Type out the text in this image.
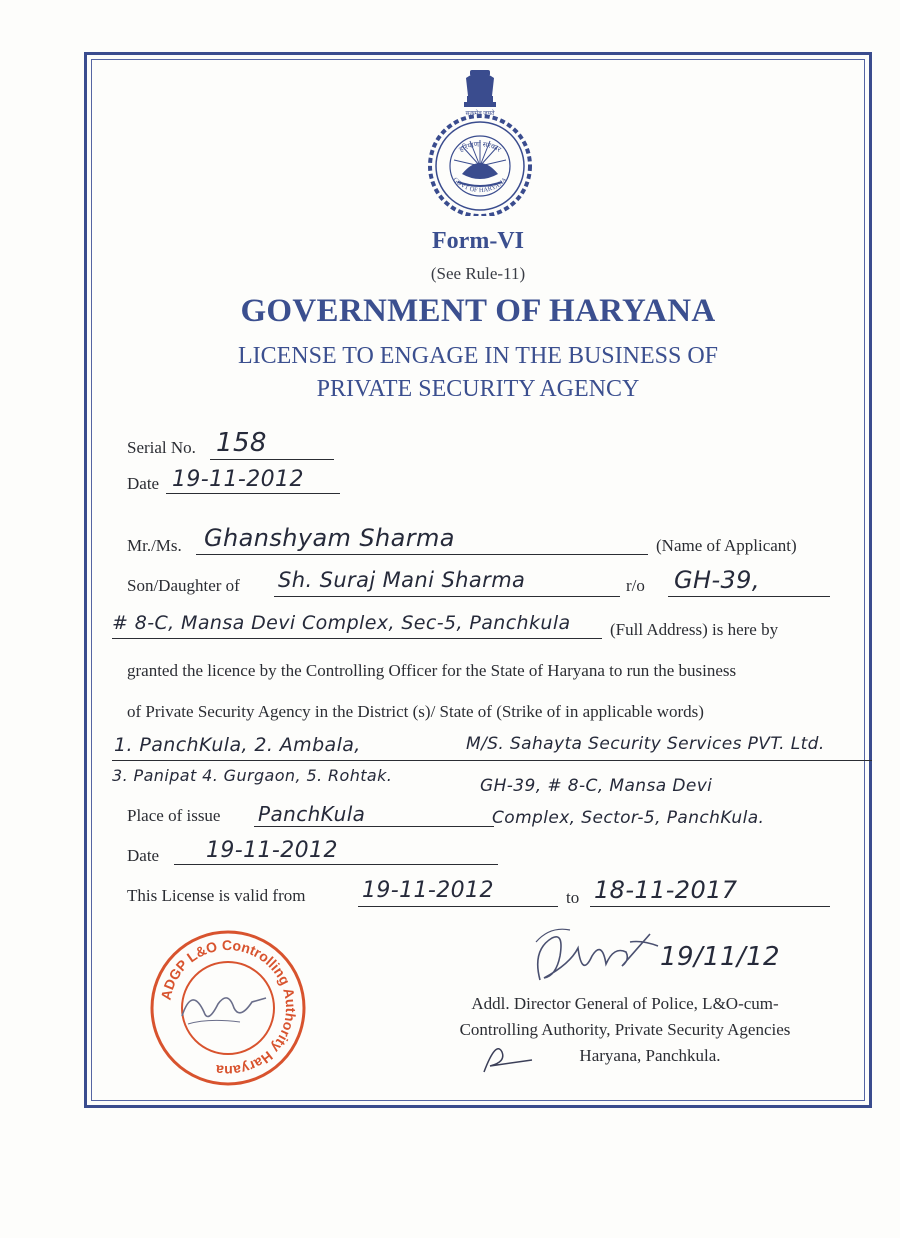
सत्यमेव जयते
हरियाणा सरकार
GOVT OF HARYANA
Form-VI
(See Rule-11)
GOVERNMENT OF HARYANA
LICENSE TO ENGAGE IN THE BUSINESS OF
PRIVATE SECURITY AGENCY
Serial No. 158
Date 19-11-2012
Mr./Ms. Ghanshyam Sharma	(Name of Applicant)
Son/Daughter of Sh. Suraj Mani Sharma	r/o GH-39,
# 8-C, Mansa Devi Complex, Sec-5, Panchkula (Full Address) is here by
granted the licence by the Controlling Officer for the State of Haryana to run the business
of Private Security Agency in the District (s)/ State of (Strike of in applicable words)
1. PanchKula, 2. Ambala,
3. Panipat 4. Gurgaon, 5. Rohtak.
M/S. Sahayta Security Services PVT. Ltd.
GH-39, # 8-C, Mansa Devi
Complex, Sector-5, PanchKula.
Place of issue PanchKula
Date 19-11-2012
This License is valid from	19-11-2012	to 18-11-2017
ADGP L&O Controlling Authority Haryana
19/11/12
Addl. Director General of Police, L&O-cum-
Controlling Authority, Private Security Agencies
Haryana, Panchkula.
